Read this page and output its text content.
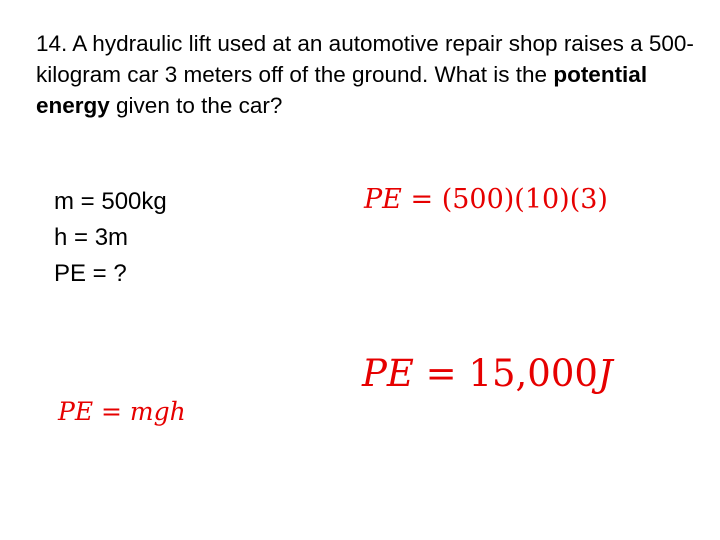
14. A hydraulic lift used at an automotive repair shop raises a 500-kilogram car 3 meters off of the ground. What is the potential energy given to the car?

m = 500kg
h = 3m
PE = ?
PE = (500)(10)(3)
PE = 15,000J
PE = mgh
